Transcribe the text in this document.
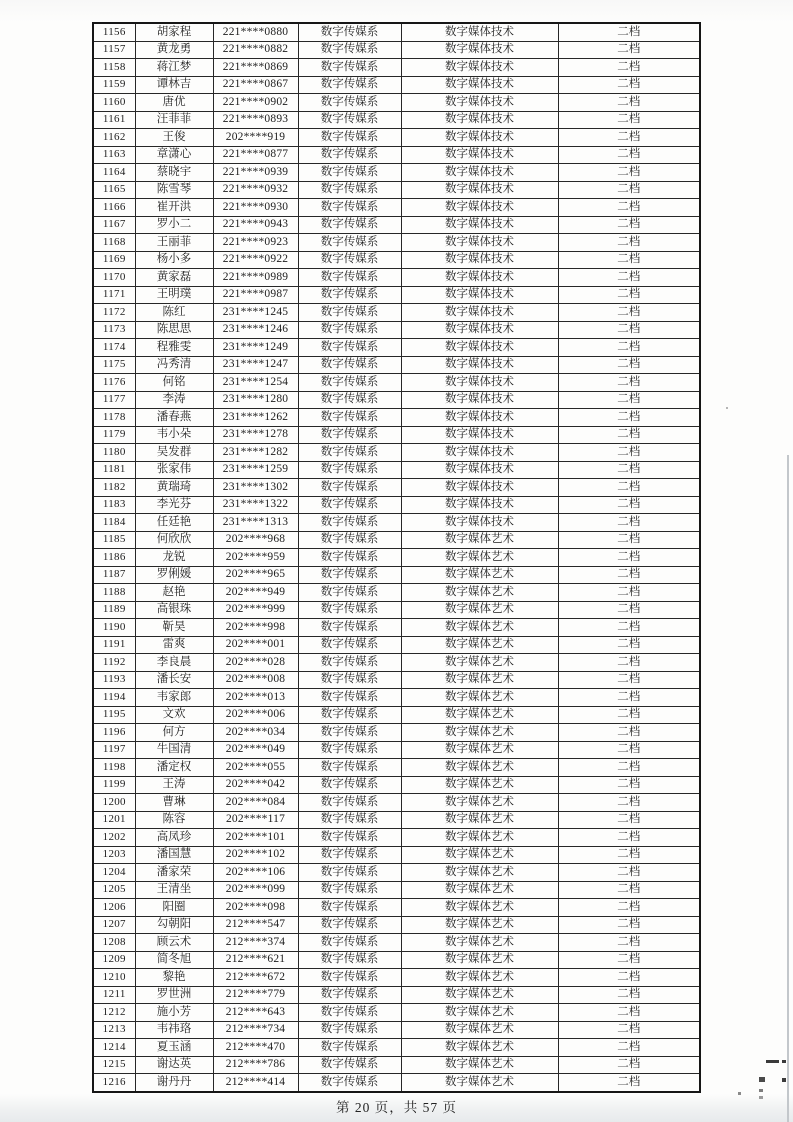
1156	胡家程	221****0880	数字传媒系	数字媒体技术	二档
1157	黄龙勇	221****0882	数字传媒系	数字媒体技术	二档
1158	蒋江梦	221****0869	数字传媒系	数字媒体技术	二档
1159	谭林吉	221****0867	数字传媒系	数字媒体技术	二档
1160	唐优	221****0902	数字传媒系	数字媒体技术	二档
1161	汪菲菲	221****0893	数字传媒系	数字媒体技术	二档
1162	王俊	202****919	数字传媒系	数字媒体技术	二档
1163	章潇心	221****0877	数字传媒系	数字媒体技术	二档
1164	蔡晓宇	221****0939	数字传媒系	数字媒体技术	二档
1165	陈雪琴	221****0932	数字传媒系	数字媒体技术	二档
1166	崔开洪	221****0930	数字传媒系	数字媒体技术	二档
1167	罗小二	221****0943	数字传媒系	数字媒体技术	二档
1168	王丽菲	221****0923	数字传媒系	数字媒体技术	二档
1169	杨小多	221****0922	数字传媒系	数字媒体技术	二档
1170	黄家磊	221****0989	数字传媒系	数字媒体技术	二档
1171	王明璞	221****0987	数字传媒系	数字媒体技术	二档
1172	陈红	231****1245	数字传媒系	数字媒体技术	二档
1173	陈思思	231****1246	数字传媒系	数字媒体技术	二档
1174	程雅雯	231****1249	数字传媒系	数字媒体技术	二档
1175	冯秀清	231****1247	数字传媒系	数字媒体技术	二档
1176	何铭	231****1254	数字传媒系	数字媒体技术	二档
1177	李涛	231****1280	数字传媒系	数字媒体技术	二档
1178	潘春燕	231****1262	数字传媒系	数字媒体技术	二档
1179	韦小朵	231****1278	数字传媒系	数字媒体技术	二档
1180	吴发群	231****1282	数字传媒系	数字媒体技术	二档
1181	张家伟	231****1259	数字传媒系	数字媒体技术	二档
1182	黄瑞琦	231****1302	数字传媒系	数字媒体技术	二档
1183	李光芬	231****1322	数字传媒系	数字媒体技术	二档
1184	任廷艳	231****1313	数字传媒系	数字媒体技术	二档
1185	何欣欣	202****968	数字传媒系	数字媒体艺术	二档
1186	龙锐	202****959	数字传媒系	数字媒体艺术	二档
1187	罗俐媛	202****965	数字传媒系	数字媒体艺术	二档
1188	赵艳	202****949	数字传媒系	数字媒体艺术	二档
1189	高银珠	202****999	数字传媒系	数字媒体艺术	二档
1190	靳昊	202****998	数字传媒系	数字媒体艺术	二档
1191	雷爽	202****001	数字传媒系	数字媒体艺术	二档
1192	李良晨	202****028	数字传媒系	数字媒体艺术	二档
1193	潘长安	202****008	数字传媒系	数字媒体艺术	二档
1194	韦家郎	202****013	数字传媒系	数字媒体艺术	二档
1195	文欢	202****006	数字传媒系	数字媒体艺术	二档
1196	何方	202****034	数字传媒系	数字媒体艺术	二档
1197	牛国清	202****049	数字传媒系	数字媒体艺术	二档
1198	潘定权	202****055	数字传媒系	数字媒体艺术	二档
1199	王涛	202****042	数字传媒系	数字媒体艺术	二档
1200	曹琳	202****084	数字传媒系	数字媒体艺术	二档
1201	陈容	202****117	数字传媒系	数字媒体艺术	二档
1202	高凤珍	202****101	数字传媒系	数字媒体艺术	二档
1203	潘国慧	202****102	数字传媒系	数字媒体艺术	二档
1204	潘家荣	202****106	数字传媒系	数字媒体艺术	二档
1205	王清坐	202****099	数字传媒系	数字媒体艺术	二档
1206	阳圈	202****098	数字传媒系	数字媒体艺术	二档
1207	勾朝阳	212****547	数字传媒系	数字媒体艺术	二档
1208	顾云术	212****374	数字传媒系	数字媒体艺术	二档
1209	简冬旭	212****621	数字传媒系	数字媒体艺术	二档
1210	黎艳	212****672	数字传媒系	数字媒体艺术	二档
1211	罗世洲	212****779	数字传媒系	数字媒体艺术	二档
1212	施小芳	212****643	数字传媒系	数字媒体艺术	二档
1213	韦祎珞	212****734	数字传媒系	数字媒体艺术	二档
1214	夏玉涵	212****470	数字传媒系	数字媒体艺术	二档
1215	谢达英	212****786	数字传媒系	数字媒体艺术	二档
1216	谢丹丹	212****414	数字传媒系	数字媒体艺术	二档
第 20 页，共 57 页
